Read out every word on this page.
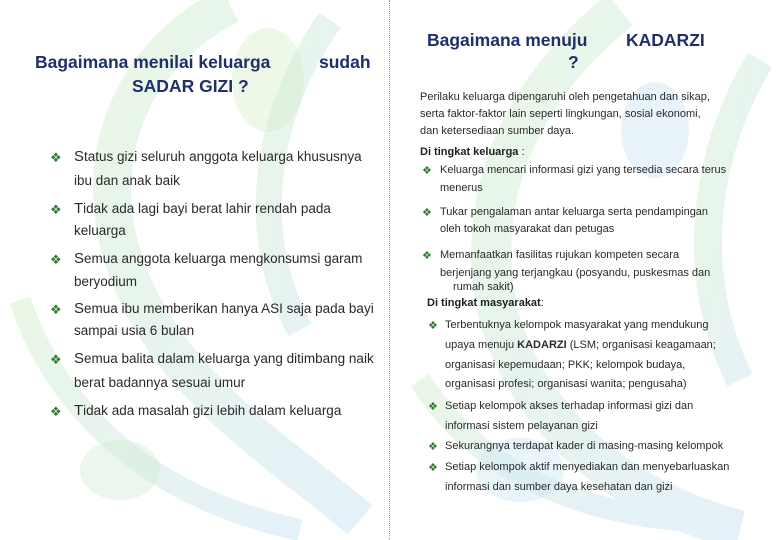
Bagaimana menilai keluarga	sudah
SADAR GIZI ?
❖ Status gizi seluruh anggota keluarga khususnya
ibu dan anak baik
❖ Tidak ada lagi bayi berat lahir rendah pada
keluarga
❖ Semua anggota keluarga mengkonsumsi garam
beryodium
❖ Semua ibu memberikan hanya ASI saja pada bayi
sampai usia 6 bulan
❖ Semua balita dalam keluarga yang ditimbang naik
berat badannya sesuai umur
❖ Tidak ada masalah gizi lebih dalam keluarga
Bagaimana menuju KADARZI
?
Perilaku keluarga dipengaruhi oleh pengetahuan dan sikap,
serta faktor-faktor lain seperti lingkungan, sosial ekonomi,
dan ketersediaan sumber daya.
Di tingkat keluarga :
❖ Keluarga mencari informasi gizi yang tersedia secara terus
menerus
❖ Tukar pengalaman antar keluarga serta pendampingan
oleh tokoh masyarakat dan petugas
❖ Memanfaatkan fasilitas rujukan kompeten secara
berjenjang yang terjangkau (posyandu, puskesmas dan
rumah sakit)
Di tingkat masyarakat:
❖ Terbentuknya kelompok masyarakat yang mendukung
upaya menuju KADARZI (LSM; organisasi keagamaan;
organisasi kepemudaan; PKK; kelompok budaya,
organisasi profesi; organisasi wanita; pengusaha)
❖ Setiap kelompok akses terhadap informasi gizi dan
informasi sistem pelayanan gizi
❖ Sekurangnya terdapat kader di masing-masing kelompok
❖ Setiap kelompok aktif menyediakan dan menyebarluaskan
informasi dan sumber daya kesehatan dan gizi
